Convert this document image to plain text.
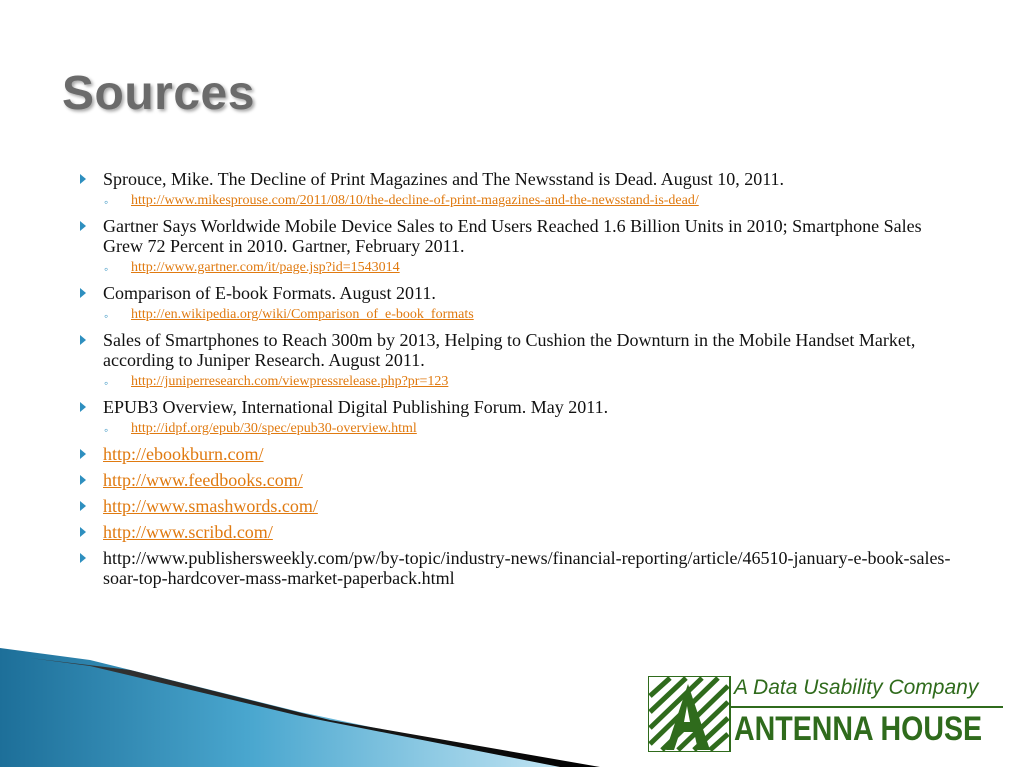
Sources
Sprouce, Mike. The Decline of Print Magazines and The Newsstand is Dead. August 10, 2011.
◦ http://www.mikesprouse.com/2011/08/10/the-decline-of-print-magazines-and-the-newsstand-is-dead/
Gartner Says Worldwide Mobile Device Sales to End Users Reached 1.6 Billion Units in 2010; Smartphone Sales Grew 72 Percent in 2010. Gartner, February 2011.
◦ http://www.gartner.com/it/page.jsp?id=1543014
Comparison of E-book Formats. August 2011.
◦ http://en.wikipedia.org/wiki/Comparison_of_e-book_formats
Sales of Smartphones to Reach 300m by 2013, Helping to Cushion the Downturn in the Mobile Handset Market, according to Juniper Research. August 2011.
◦ http://juniperresearch.com/viewpressrelease.php?pr=123
EPUB3 Overview, International Digital Publishing Forum. May 2011.
◦ http://idpf.org/epub/30/spec/epub30-overview.html
http://ebookburn.com/
http://www.feedbooks.com/
http://www.smashwords.com/
http://www.scribd.com/
http://www.publishersweekly.com/pw/by-topic/industry-news/financial-reporting/article/46510-january-e-book-sales-soar-top-hardcover-mass-market-paperback.html
A Data Usability Company
ANTENNA HOUSE
